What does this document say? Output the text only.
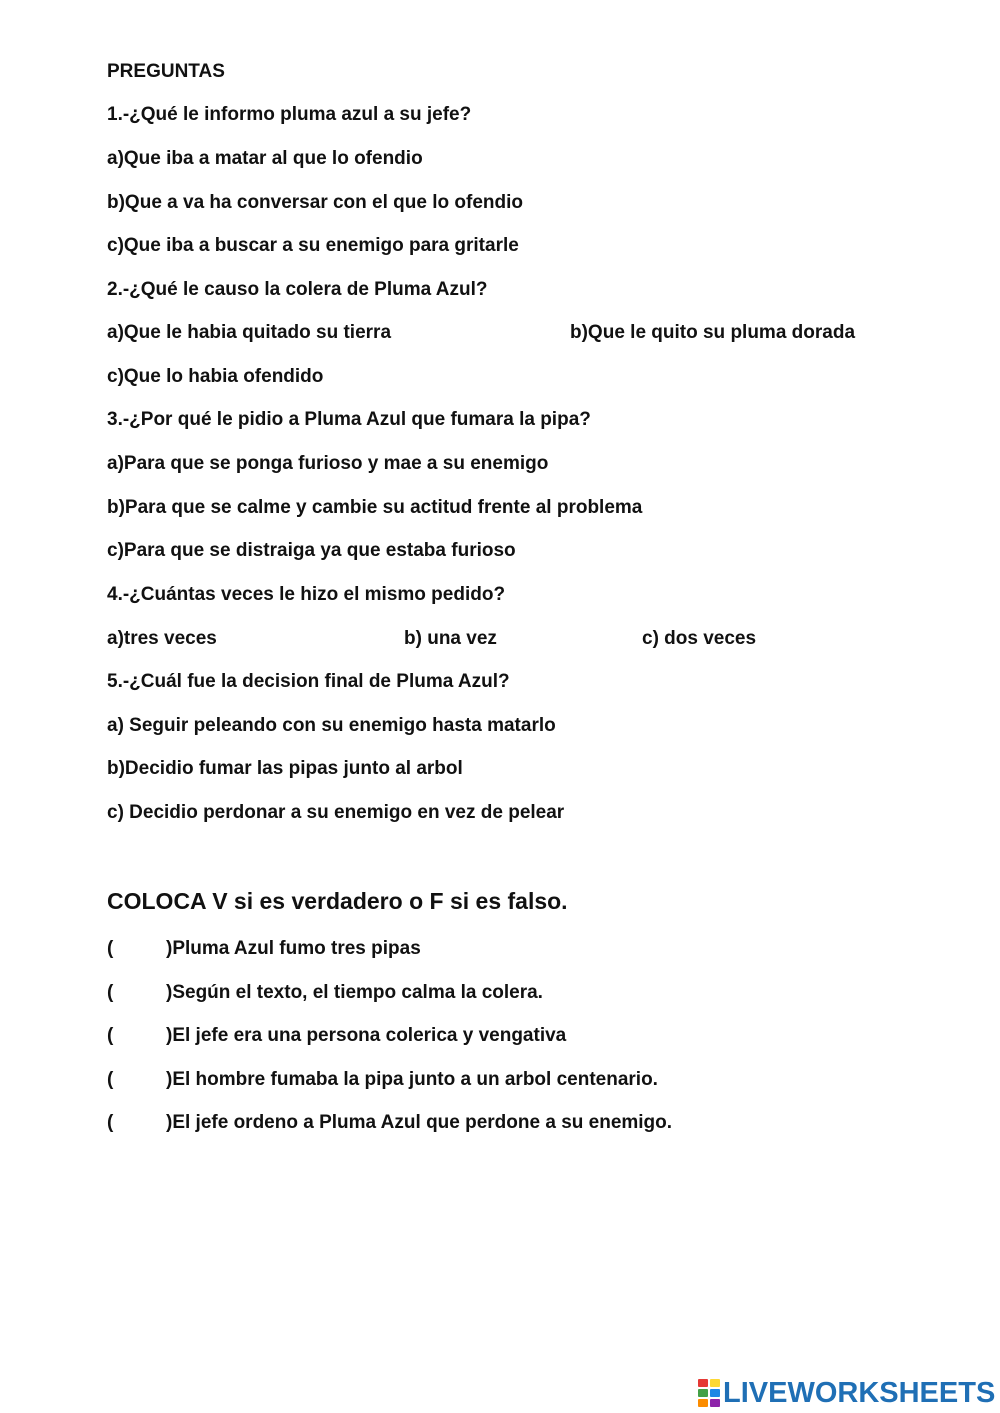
PREGUNTAS
1.-¿Qué le informo pluma azul a su jefe?
a)Que iba a matar al que lo ofendio
b)Que a va ha conversar con el que lo ofendio
c)Que iba a buscar a su enemigo para gritarle
2.-¿Qué le causo la colera de Pluma Azul?
a)Que le habia quitado su tierra	b)Que le quito su pluma dorada
c)Que lo habia ofendido
3.-¿Por qué le pidio a Pluma Azul que fumara la pipa?
a)Para que se ponga furioso y mae a su enemigo
b)Para que se calme y cambie su actitud frente al problema
c)Para que se distraiga ya que estaba furioso
4.-¿Cuántas veces le hizo el mismo pedido?
a)tres veces	b) una vez	c) dos veces
5.-¿Cuál fue la decision final de Pluma Azul?
a) Seguir peleando con su enemigo hasta matarlo
b)Decidio fumar las pipas junto al arbol
c) Decidio perdonar a su enemigo en vez de pelear
COLOCA V si es verdadero o F si es falso.
(	)Pluma Azul fumo tres pipas
(	)Según el texto, el tiempo calma la colera.
(	)El jefe era una persona colerica y vengativa
(	)El hombre fumaba la pipa junto a un arbol centenario.
(	)El jefe ordeno a Pluma Azul que perdone a su enemigo.
LIVEWORKSHEETS
